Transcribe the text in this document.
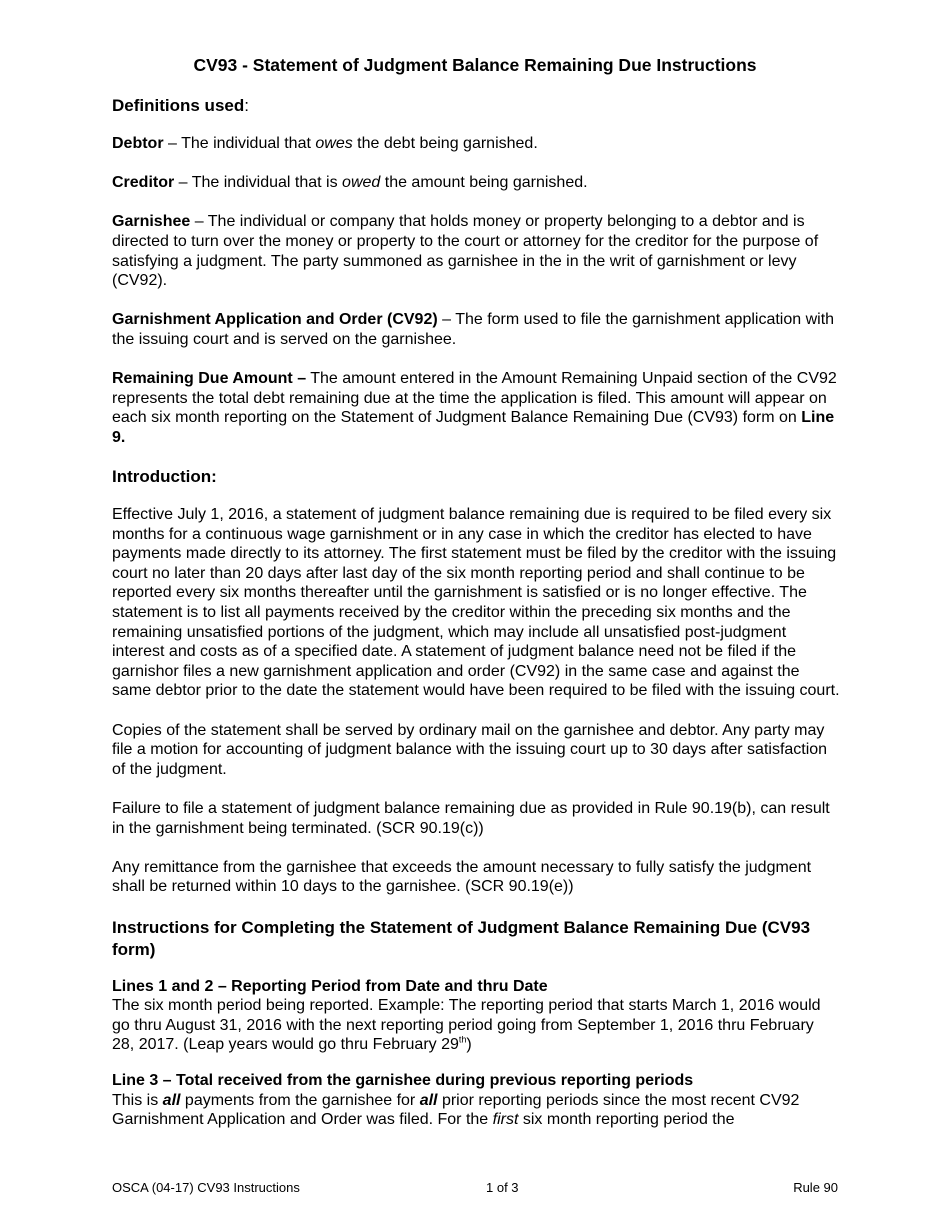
CV93 - Statement of Judgment Balance Remaining Due Instructions
Definitions used:

Debtor – The individual that owes the debt being garnished.

Creditor – The individual that is owed the amount being garnished.

Garnishee – The individual or company that holds money or property belonging to a debtor and is directed to turn over the money or property to the court or attorney for the creditor for the purpose of satisfying a judgment. The party summoned as garnishee in the in the writ of garnishment or levy (CV92).

Garnishment Application and Order (CV92) – The form used to file the garnishment application with the issuing court and is served on the garnishee.

Remaining Due Amount – The amount entered in the Amount Remaining Unpaid section of the CV92 represents the total debt remaining due at the time the application is filed. This amount will appear on each six month reporting on the Statement of Judgment Balance Remaining Due (CV93) form on Line 9.

Introduction:

Effective July 1, 2016, a statement of judgment balance remaining due is required to be filed every six months for a continuous wage garnishment or in any case in which the creditor has elected to have payments made directly to its attorney. The first statement must be filed by the creditor with the issuing court no later than 20 days after last day of the six month reporting period and shall continue to be reported every six months thereafter until the garnishment is satisfied or is no longer effective. The statement is to list all payments received by the creditor within the preceding six months and the remaining unsatisfied portions of the judgment, which may include all unsatisfied post-judgment interest and costs as of a specified date. A statement of judgment balance need not be filed if the garnishor files a new garnishment application and order (CV92) in the same case and against the same debtor prior to the date the statement would have been required to be filed with the issuing court.

Copies of the statement shall be served by ordinary mail on the garnishee and debtor. Any party may file a motion for accounting of judgment balance with the issuing court up to 30 days after satisfaction of the judgment.

Failure to file a statement of judgment balance remaining due as provided in Rule 90.19(b), can result in the garnishment being terminated. (SCR 90.19(c))

Any remittance from the garnishee that exceeds the amount necessary to fully satisfy the judgment shall be returned within 10 days to the garnishee. (SCR 90.19(e))

Instructions for Completing the Statement of Judgment Balance Remaining Due (CV93 form)
Lines 1 and 2 – Reporting Period from Date and thru Date

The six month period being reported. Example: The reporting period that starts March 1, 2016 would go thru August 31, 2016 with the next reporting period going from September 1, 2016 thru February 28, 2017. (Leap years would go thru February 29th)

Line 3 – Total received from the garnishee during previous reporting periods

This is all payments from the garnishee for all prior reporting periods since the most recent CV92 Garnishment Application and Order was filed. For the first six month reporting period the

OSCA (04-17) CV93 Instructions	1 of 3	Rule 90
